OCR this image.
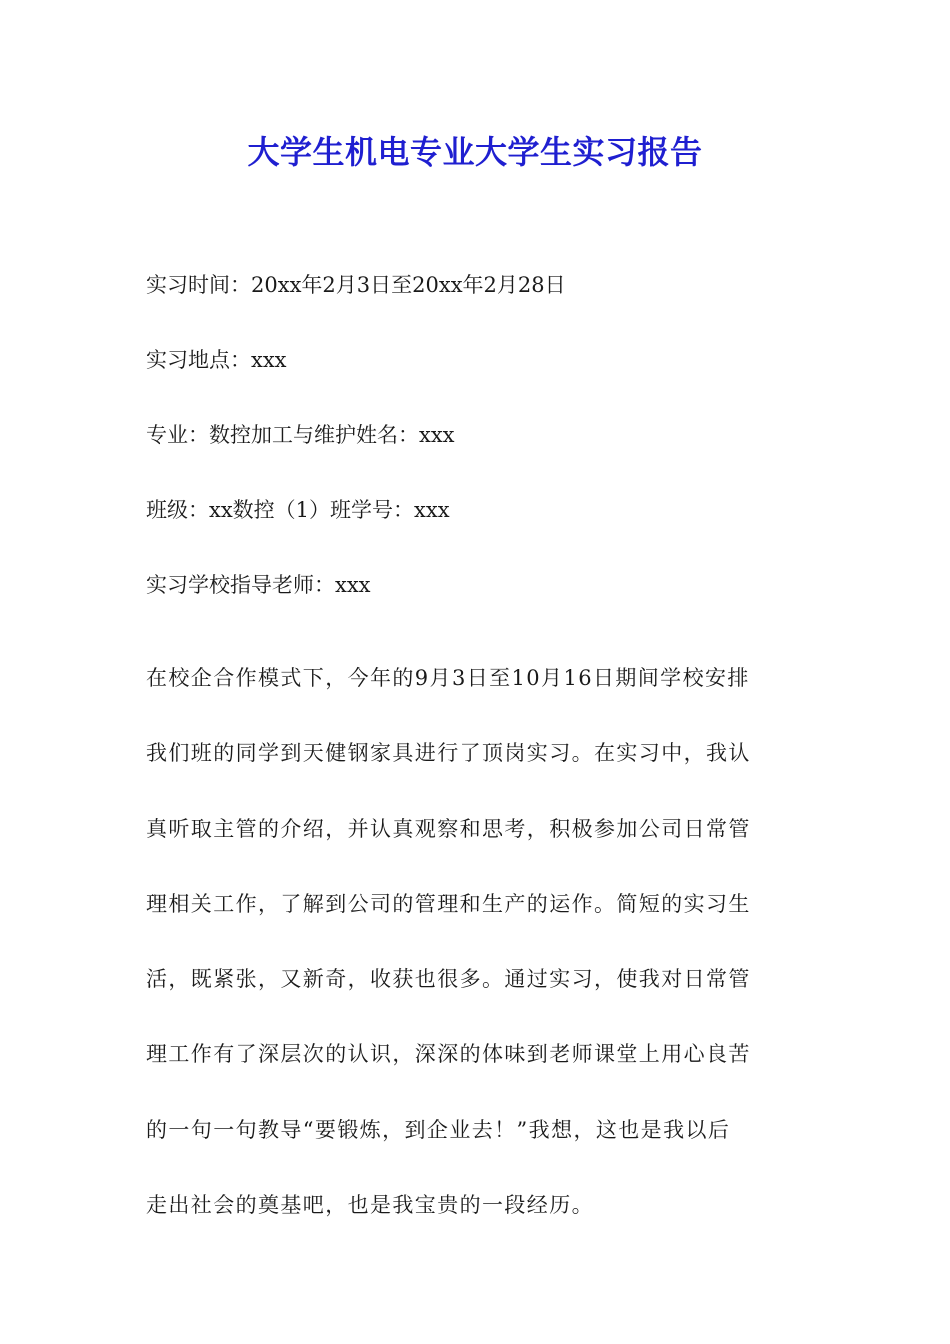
大学生机电专业大学生实习报告
实习时间：20xx年2月3日至20xx年2月28日
实习地点：xxx
专业：数控加工与维护姓名：xxx
班级：xx数控（1）班学号：xxx
实习学校指导老师：xxx
在校企合作模式下，今年的9月3日至10月16日期间学校安排
我们班的同学到天健钢家具进行了顶岗实习。在实习中，我认
真听取主管的介绍，并认真观察和思考，积极参加公司日常管
理相关工作，了解到公司的管理和生产的运作。简短的实习生
活，既紧张，又新奇，收获也很多。通过实习，使我对日常管
理工作有了深层次的认识，深深的体味到老师课堂上用心良苦
的一句一句教导“要锻炼，到企业去！”我想，这也是我以后
走出社会的奠基吧，也是我宝贵的一段经历。
